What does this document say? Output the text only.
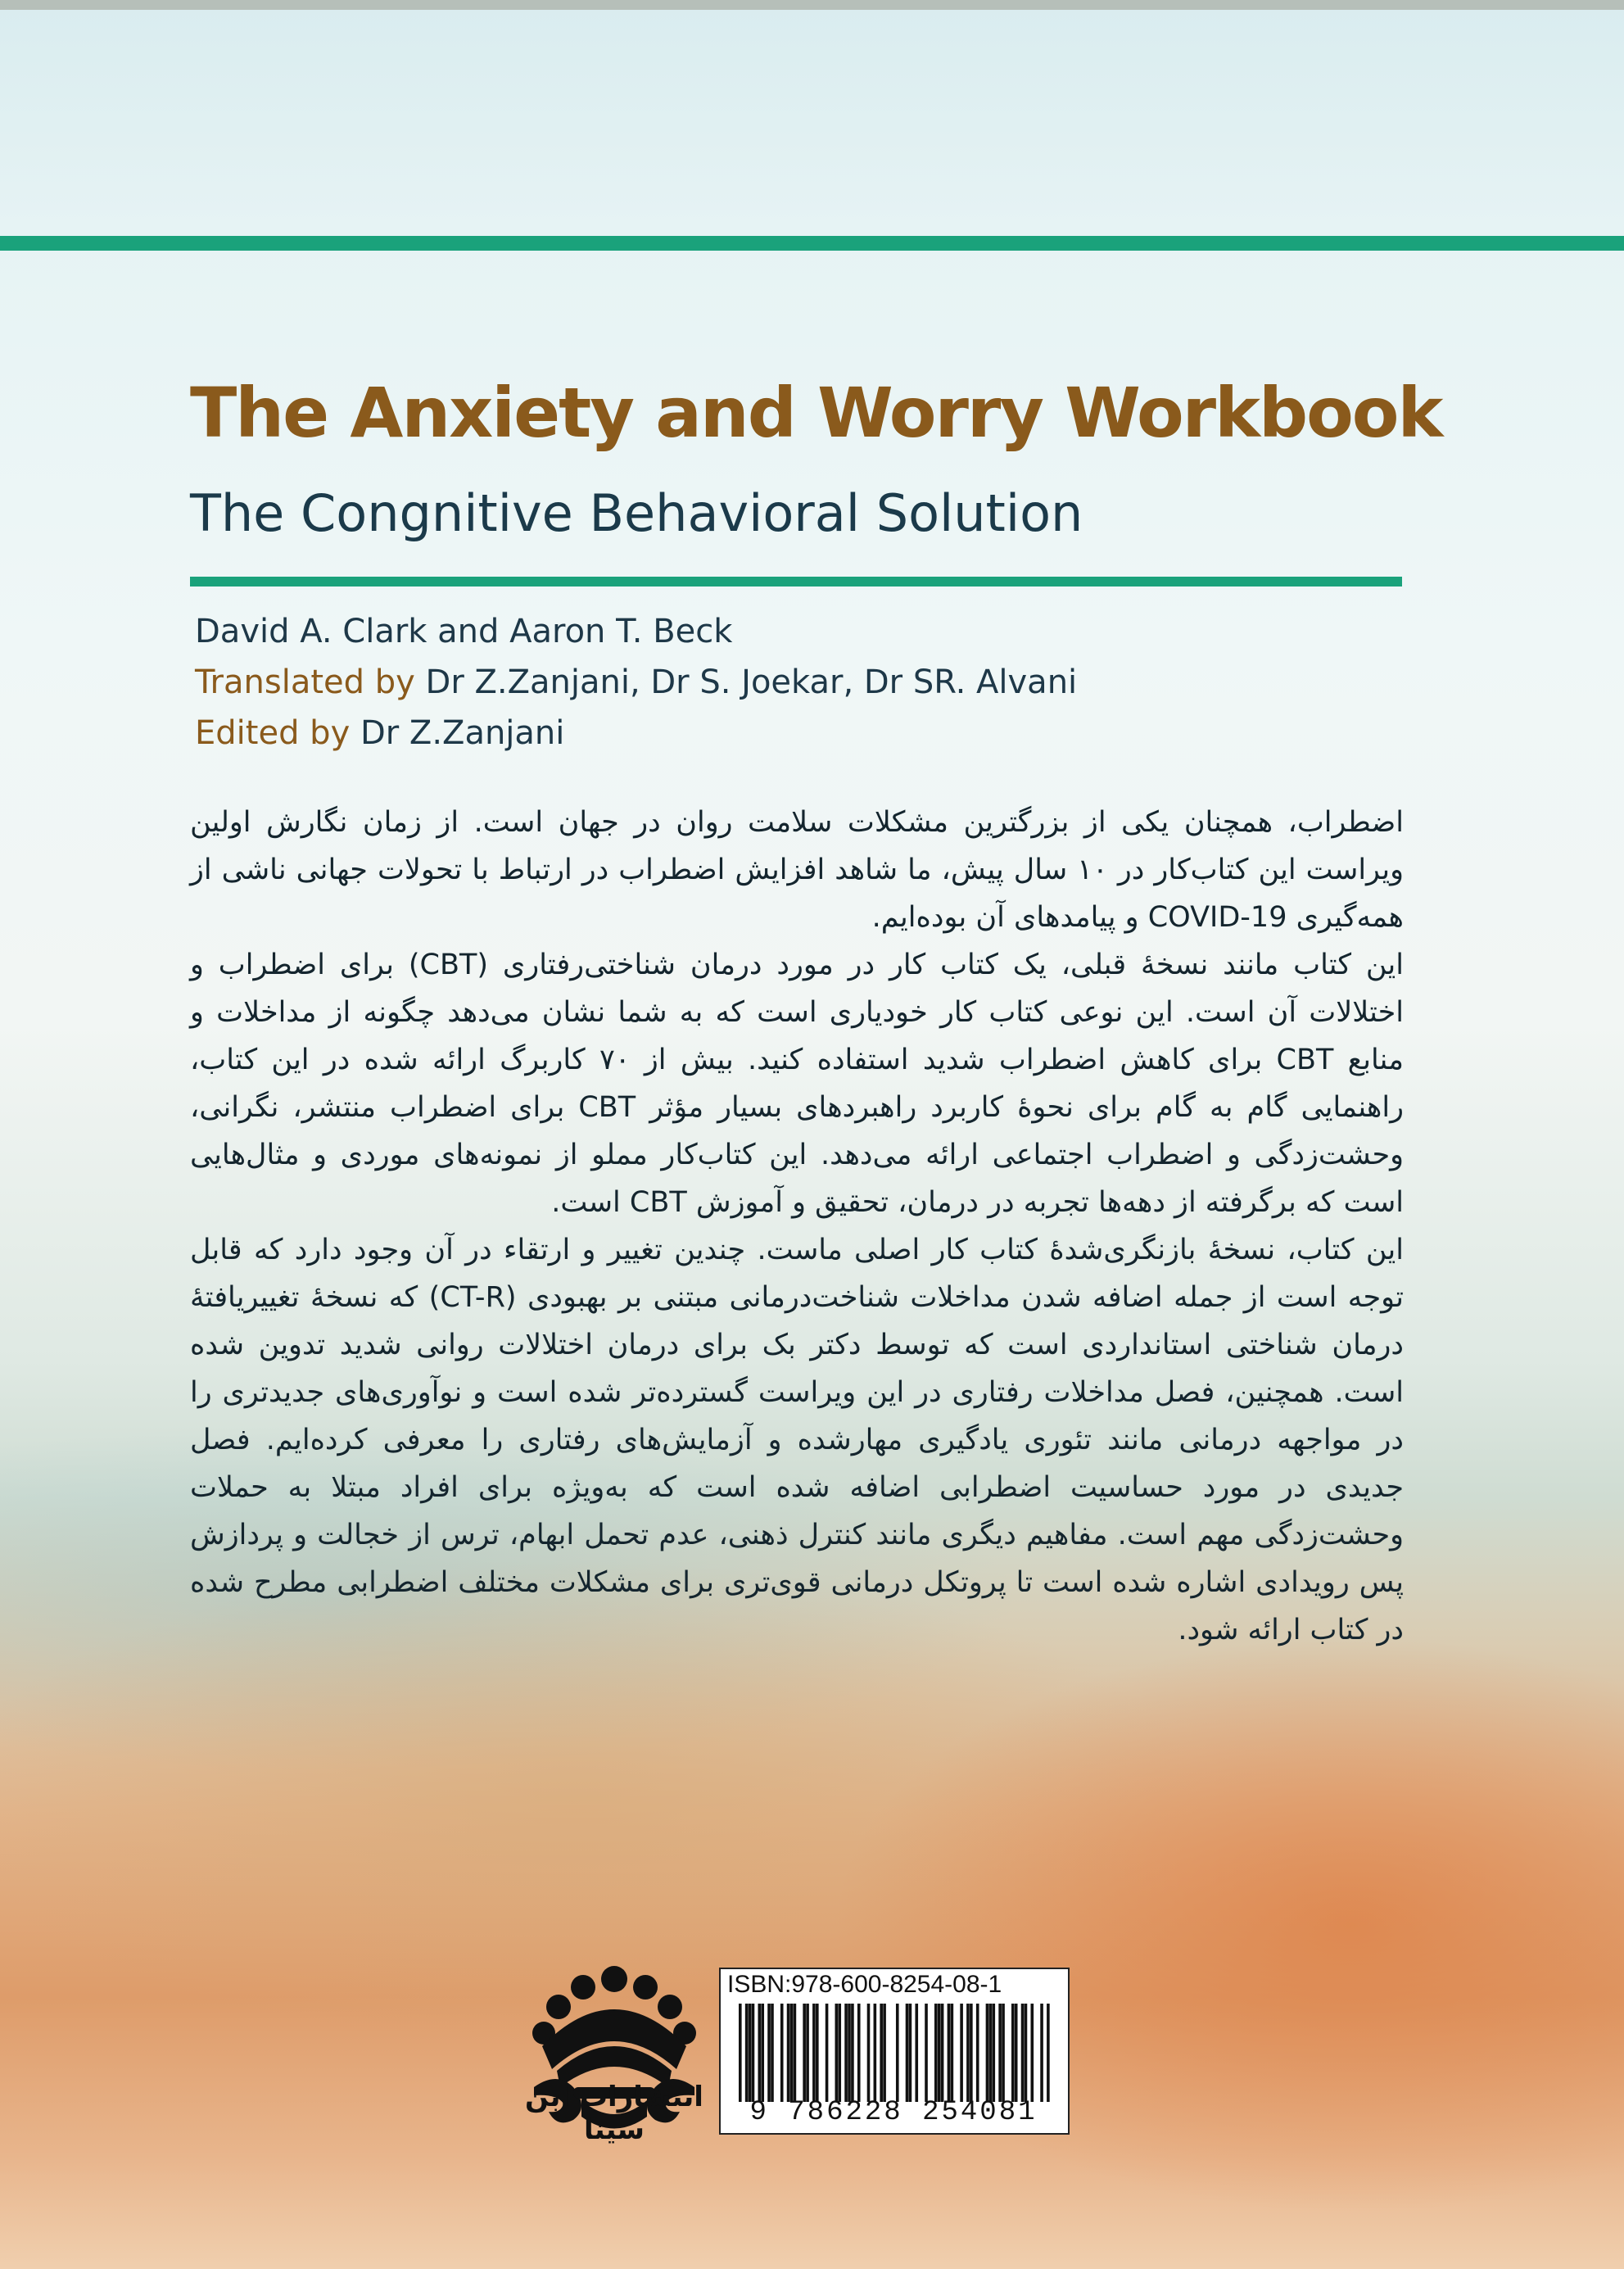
The Anxiety and Worry Workbook
The Congnitive Behavioral Solution
David A. Clark and Aaron T. Beck
Translated by Dr Z.Zanjani, Dr S. Joekar, Dr SR. Alvani
Edited by Dr Z.Zanjani

اضطراب، همچنان یکی از بزرگترین مشکلات سلامت روان در جهان است. از زمان نگارش اولین ویراست این کتاب‌کار در ۱۰ سال پیش، ما شاهد افزایش اضطراب در ارتباط با تحولات جهانی ناشی از همه‌گیری COVID-19 و پیامدهای آن بوده‌ایم.

این کتاب مانند نسخهٔ قبلی، یک کتاب کار در مورد درمان شناختی‌رفتاری (CBT) برای اضطراب و اختلالات آن است. این نوعی کتاب کار خودیاری است که به شما نشان می‌دهد چگونه از مداخلات و منابع CBT برای کاهش اضطراب شدید استفاده کنید. بیش از ۷۰ کاربرگ ارائه شده در این کتاب، راهنمایی گام به گام برای نحوهٔ کاربرد راهبردهای بسیار مؤثر CBT برای اضطراب منتشر، نگرانی، وحشت‌زدگی و اضطراب اجتماعی ارائه می‌دهد. این کتاب‌کار مملو از نمونه‌های موردی و مثال‌هایی است که برگرفته از دهه‌ها تجربه در درمان، تحقیق و آموزش CBT است.

این کتاب، نسخهٔ بازنگری‌شدهٔ کتاب کار اصلی ماست. چندین تغییر و ارتقاء در آن وجود دارد که قابل توجه است از جمله اضافه شدن مداخلات شناخت‌درمانی مبتنی بر بهبودی (CT-R) که نسخهٔ تغییریافتهٔ درمان شناختی استانداردی است که توسط دکتر بک برای درمان اختلالات روانی شدید تدوین شده است. همچنین، فصل مداخلات رفتاری در این ویراست گسترده‌تر شده است و نوآوری‌های جدیدتری را در مواجهه درمانی مانند تئوری یادگیری مهارشده و آزمایش‌های رفتاری را معرفی کرده‌ایم. فصل جدیدی در مورد حساسیت اضطرابی اضافه شده است که به‌ویژه برای افراد مبتلا به حملات وحشت‌زدگی مهم است. مفاهیم دیگری مانند کنترل ذهنی، عدم تحمل ابهام، ترس از خجالت و پردازش پس رویدادی اشاره شده است تا پروتکل درمانی قوی‌تری برای مشکلات مختلف اضطرابی مطرح شده در کتاب ارائه شود.

انتشارات ابن سینا
ISBN:978-600-8254-08-1
9 786228 254081
